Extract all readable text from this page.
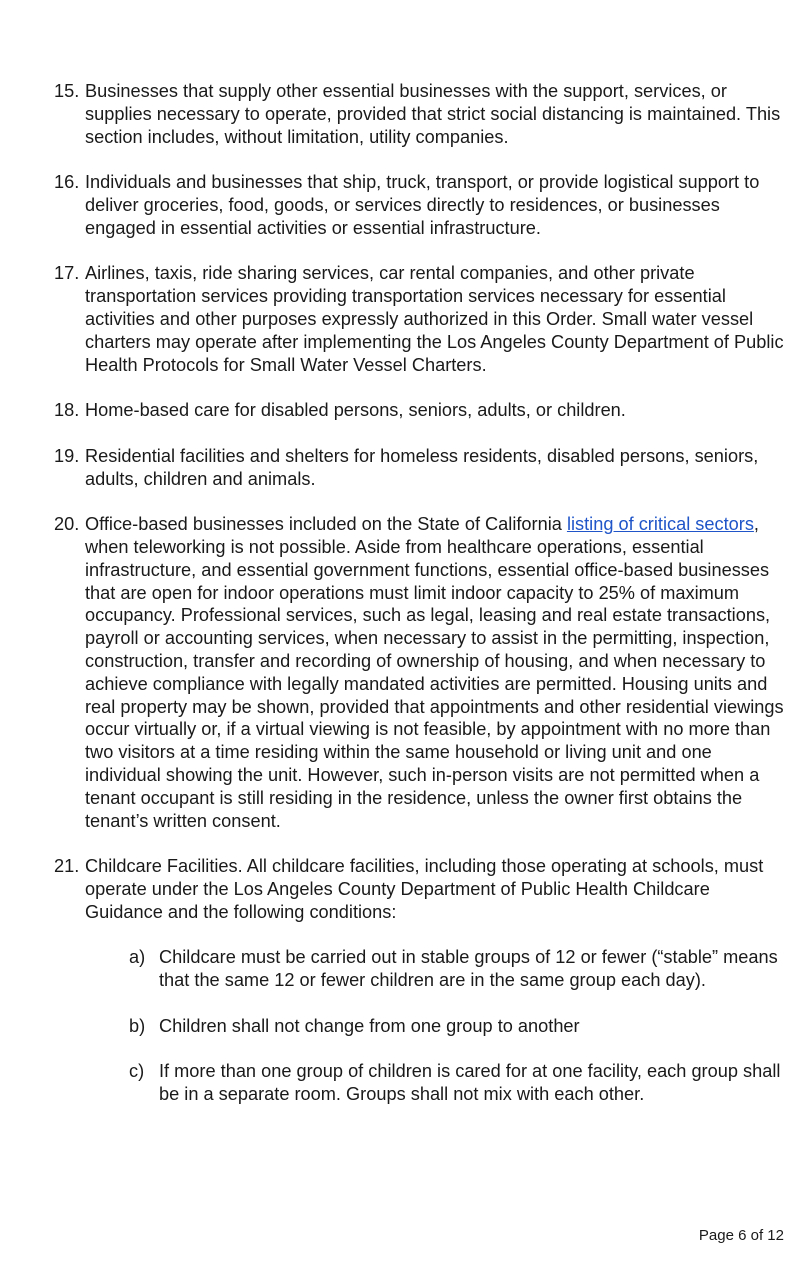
15. Businesses that supply other essential businesses with the support, services, or supplies necessary to operate, provided that strict social distancing is maintained. This section includes, without limitation, utility companies.
16. Individuals and businesses that ship, truck, transport, or provide logistical support to deliver groceries, food, goods, or services directly to residences, or businesses engaged in essential activities or essential infrastructure.
17. Airlines, taxis, ride sharing services, car rental companies, and other private transportation services providing transportation services necessary for essential activities and other purposes expressly authorized in this Order. Small water vessel charters may operate after implementing the Los Angeles County Department of Public Health Protocols for Small Water Vessel Charters.
18. Home-based care for disabled persons, seniors, adults, or children.
19. Residential facilities and shelters for homeless residents, disabled persons, seniors, adults, children and animals.
20. Office-based businesses included on the State of California listing of critical sectors, when teleworking is not possible. Aside from healthcare operations, essential infrastructure, and essential government functions, essential office-based businesses that are open for indoor operations must limit indoor capacity to 25% of maximum occupancy. Professional services, such as legal, leasing and real estate transactions, payroll or accounting services, when necessary to assist in the permitting, inspection, construction, transfer and recording of ownership of housing, and when necessary to achieve compliance with legally mandated activities are permitted. Housing units and real property may be shown, provided that appointments and other residential viewings occur virtually or, if a virtual viewing is not feasible, by appointment with no more than two visitors at a time residing within the same household or living unit and one individual showing the unit. However, such in-person visits are not permitted when a tenant occupant is still residing in the residence, unless the owner first obtains the tenant’s written consent.
21. Childcare Facilities. All childcare facilities, including those operating at schools, must operate under the Los Angeles County Department of Public Health Childcare Guidance and the following conditions:
a) Childcare must be carried out in stable groups of 12 or fewer (“stable” means that the same 12 or fewer children are in the same group each day).
b) Children shall not change from one group to another
c) If more than one group of children is cared for at one facility, each group shall be in a separate room. Groups shall not mix with each other.
Page 6 of 12
